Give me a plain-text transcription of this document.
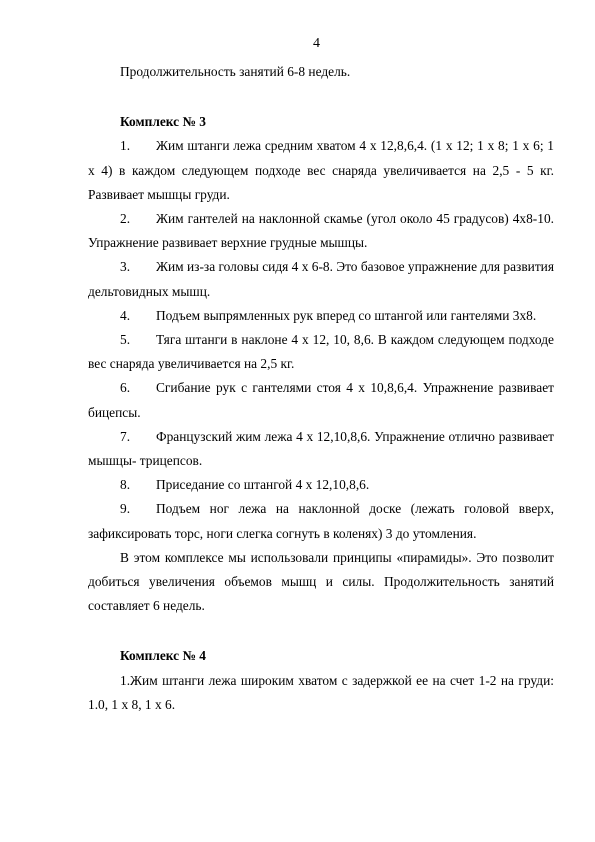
4

Продолжительность занятий 6-8 недель.

Комплекс № 3

1. Жим штанги лежа средним хватом 4 х 12,8,6,4. (1 х 12; 1 х 8; 1 х 6; 1 х 4) в каждом следующем подходе вес снаряда увеличивается на 2,5 - 5 кг. Развивает мышцы груди.

2. Жим гантелей на наклонной скамье (угол около 45 градусов) 4х8-10. Упражнение развивает верхние грудные мышцы.

3. Жим из-за головы сидя 4 х 6-8. Это базовое упражнение для развития дельтовидных мышц.

4. Подъем выпрямленных рук вперед со штангой или гантелями 3х8.

5. Тяга штанги в наклоне 4 х 12, 10, 8,6. В каждом следующем подходе вес снаряда увеличивается на 2,5 кг.

6. Сгибание рук с гантелями стоя 4 х 10,8,6,4. Упражнение развивает бицепсы.

7. Французский жим лежа 4 х 12,10,8,6. Упражнение отлично развивает мышцы- трицепсов.

8. Приседание со штангой 4 х 12,10,8,6.

9. Подъем ног лежа на наклонной доске (лежать головой вверх, зафиксировать торс, ноги слегка согнуть в коленях) 3 до утомления.

В этом комплексе мы использовали принципы «пирамиды». Это позволит добиться увеличения объемов мышц и силы. Продолжительность занятий составляет 6 недель.

Комплекс № 4

1.Жим штанги лежа широким хватом с задержкой ее на счет 1-2 на груди: 1.0, 1 х 8, 1 х 6.
